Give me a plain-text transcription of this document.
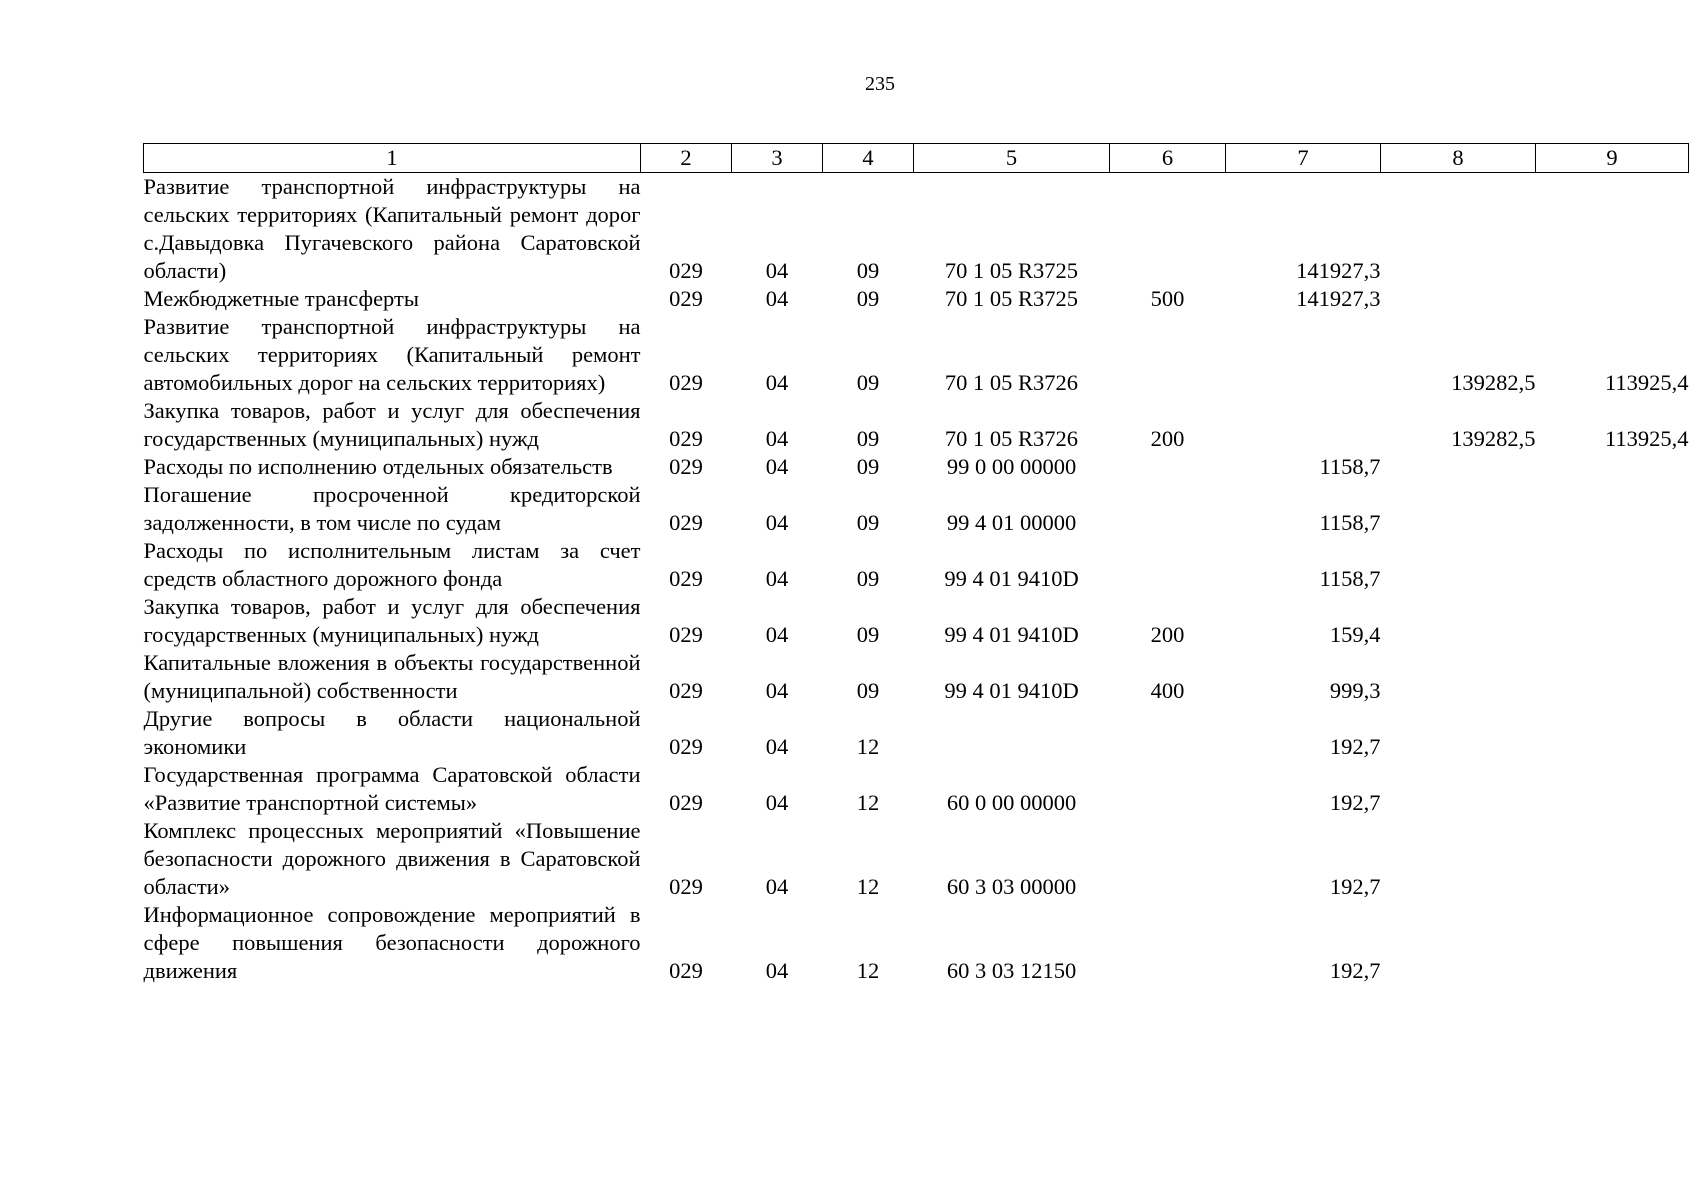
235
1	2	3	4	5	6	7	8	9
Развитие транспортной инфраструктуры на сельских территориях (Капитальный ремонт дорог с.Давыдовка Пугачевского района Саратовской области)	029	04	09	70 1 05 R3725		141927,3		
Межбюджетные трансферты	029	04	09	70 1 05 R3725	500	141927,3		
Развитие транспортной инфраструктуры на сельских территориях (Капитальный ремонт автомобильных дорог на сельских территориях)	029	04	09	70 1 05 R3726			139282,5	113925,4
Закупка товаров, работ и услуг для обеспечения государственных (муниципальных) нужд	029	04	09	70 1 05 R3726	200		139282,5	113925,4
Расходы по исполнению отдельных обязательств	029	04	09	99 0 00 00000		1158,7		
Погашение просроченной кредиторской задолженности, в том числе по судам	029	04	09	99 4 01 00000		1158,7		
Расходы по исполнительным листам за счет средств областного дорожного фонда	029	04	09	99 4 01 9410D		1158,7		
Закупка товаров, работ и услуг для обеспечения государственных (муниципальных) нужд	029	04	09	99 4 01 9410D	200	159,4		
Капитальные вложения в объекты государственной (муниципальной) собственности	029	04	09	99 4 01 9410D	400	999,3		
Другие вопросы в области национальной экономики	029	04	12			192,7		
Государственная программа Саратовской области «Развитие транспортной системы»	029	04	12	60 0 00 00000		192,7		
Комплекс процессных мероприятий «Повышение безопасности дорожного движения в Саратовской области»	029	04	12	60 3 03 00000		192,7		
Информационное сопровождение мероприятий в сфере повышения безопасности дорожного движения	029	04	12	60 3 03 12150		192,7		
